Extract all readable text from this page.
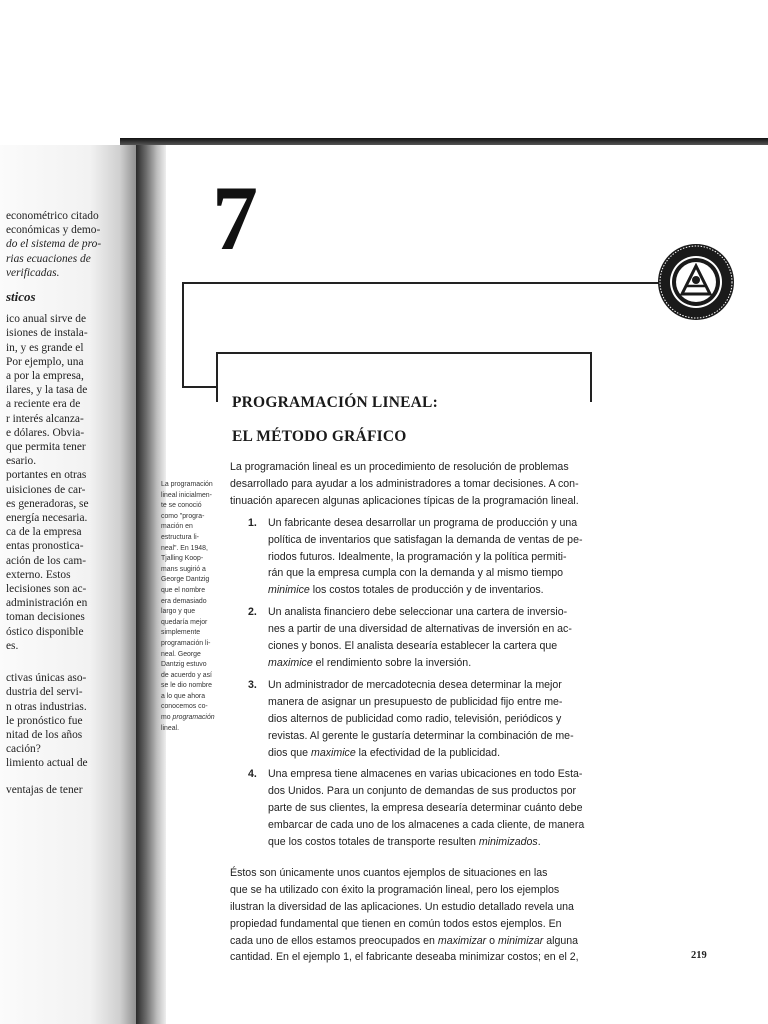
econométrico citado
económicas y demo-
do el sistema de pro-
rias ecuaciones de
verificadas.
sticos
ico anual sirve de
isiones de instala-
in, y es grande el
Por ejemplo, una
a por la empresa,
ilares, y la tasa de
a reciente era de
r interés alcanza-
e dólares. Obvia-
que permita tener
esario.
portantes en otras
uisiciones de car-
es generadoras, se
energía necesaria.
ca de la empresa
entas pronostica-
ación de los cam-
externo. Estos
lecisiones son ac-
administración en
toman decisiones
óstico disponible
es.
ctivas únicas aso-
dustria del servi-
n otras industrias.
le pronóstico fue
nitad de los años
cación?
limiento actual de
ventajas de tener
7
PROGRAMACIÓN LINEAL:
EL MÉTODO GRÁFICO
La programación
lineal inicialmen-
te se conoció
como "progra-
mación en
estructura li-
neal". En 1948,
Tjalling Koop-
mans sugirió a
George Dantzig
que el nombre
era demasiado
largo y que
quedaría mejor
simplemente
programación li-
neal. George
Dantzig estuvo
de acuerdo y así
se le dio nombre
a lo que ahora
conocemos co-
mo programación
lineal.
La programación lineal es un procedimiento de resolución de problemas
desarrollado para ayudar a los administradores a tomar decisiones. A con-
tinuación aparecen algunas aplicaciones típicas de la programación lineal.
1. Un fabricante desea desarrollar un programa de producción y una
política de inventarios que satisfagan la demanda de ventas de pe-
riodos futuros. Idealmente, la programación y la política permiti-
rán que la empresa cumpla con la demanda y al mismo tiempo
minimice los costos totales de producción y de inventarios.
2. Un analista financiero debe seleccionar una cartera de inversio-
nes a partir de una diversidad de alternativas de inversión en ac-
ciones y bonos. El analista desearía establecer la cartera que
maximice el rendimiento sobre la inversión.
3. Un administrador de mercadotecnia desea determinar la mejor
manera de asignar un presupuesto de publicidad fijo entre me-
dios alternos de publicidad como radio, televisión, periódicos y
revistas. Al gerente le gustaría determinar la combinación de me-
dios que maximice la efectividad de la publicidad.
4. Una empresa tiene almacenes en varias ubicaciones en todo Esta-
dos Unidos. Para un conjunto de demandas de sus productos por
parte de sus clientes, la empresa desearía determinar cuánto debe
embarcar de cada uno de los almacenes a cada cliente, de manera
que los costos totales de transporte resulten minimizados.
Éstos son únicamente unos cuantos ejemplos de situaciones en las
que se ha utilizado con éxito la programación lineal, pero los ejemplos
ilustran la diversidad de las aplicaciones. Un estudio detallado revela una
propiedad fundamental que tienen en común todos estos ejemplos. En
cada uno de ellos estamos preocupados en maximizar o minimizar alguna
cantidad. En el ejemplo 1, el fabricante deseaba minimizar costos; en el 2,	219
